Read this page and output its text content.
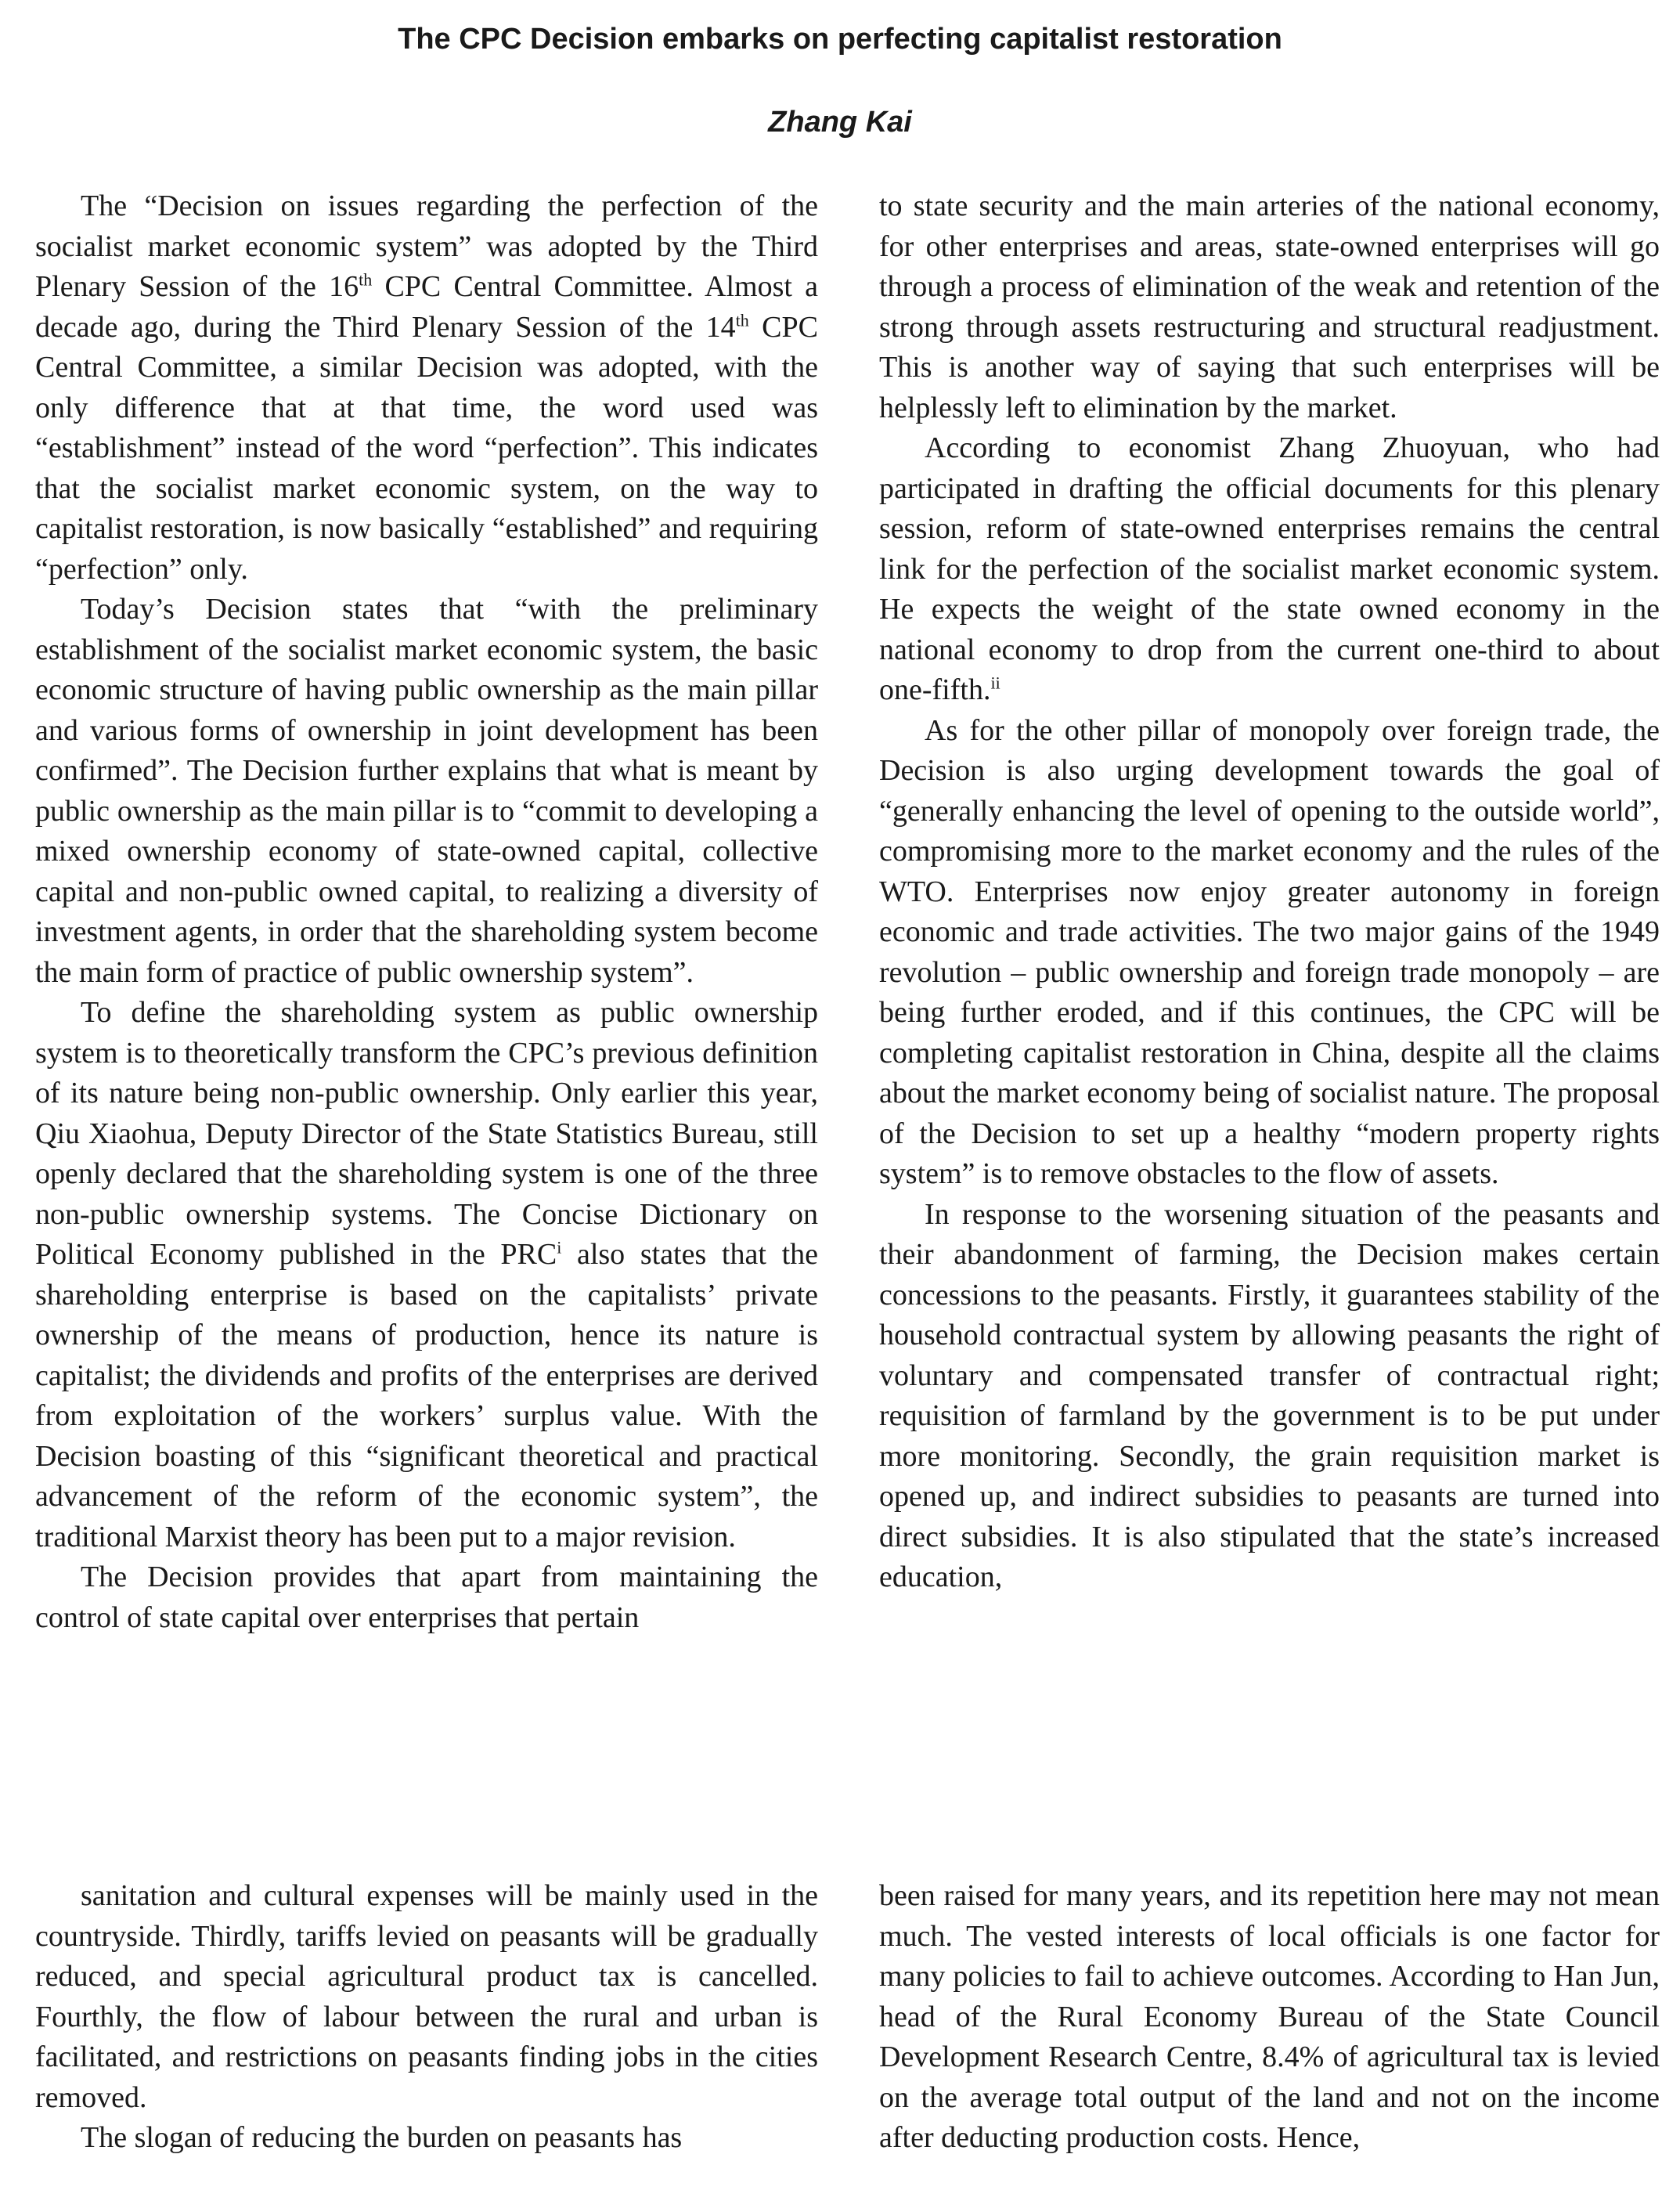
The CPC Decision embarks on perfecting capitalist restoration
Zhang Kai

The “Decision on issues regarding the perfection of the socialist market economic system” was adopted by the Third Plenary Session of the 16th CPC Central Committee. Almost a decade ago, during the Third Plenary Session of the 14th CPC Central Committee, a similar Decision was adopted, with the only difference that at that time, the word used was “establishment” instead of the word “perfection”. This indicates that the socialist market economic system, on the way to capitalist restoration, is now basically “established” and requiring “perfection” only.

Today’s Decision states that “with the preliminary establishment of the socialist market economic system, the basic economic structure of having public ownership as the main pillar and various forms of ownership in joint development has been confirmed”. The Decision further explains that what is meant by public ownership as the main pillar is to “commit to developing a mixed ownership economy of state-owned capital, collective capital and non-public owned capital, to realizing a diversity of investment agents, in order that the shareholding system become the main form of practice of public ownership system”.

To define the shareholding system as public ownership system is to theoretically transform the CPC’s previous definition of its nature being non-public ownership. Only earlier this year, Qiu Xiaohua, Deputy Director of the State Statistics Bureau, still openly declared that the shareholding system is one of the three non-public ownership systems. The Concise Dictionary on Political Economy published in the PRC$^i$ also states that the shareholding enterprise is based on the capitalists’ private ownership of the means of production, hence its nature is capitalist; the dividends and profits of the enterprises are derived from exploitation of the workers’ surplus value. With the Decision boasting of this “significant theoretical and practical advancement of the reform of the economic system”, the traditional Marxist theory has been put to a major revision.

The Decision provides that apart from maintaining the control of state capital over enterprises that pertain

to state security and the main arteries of the national economy, for other enterprises and areas, state-owned enterprises will go through a process of elimination of the weak and retention of the strong through assets restructuring and structural readjustment. This is another way of saying that such enterprises will be helplessly left to elimination by the market.

According to economist Zhang Zhuoyuan, who had participated in drafting the official documents for this plenary session, reform of state-owned enterprises remains the central link for the perfection of the socialist market economic system. He expects the weight of the state owned economy in the national economy to drop from the current one-third to about one-fifth.$^{ii}$

As for the other pillar of monopoly over foreign trade, the Decision is also urging development towards the goal of “generally enhancing the level of opening to the outside world”, compromising more to the market economy and the rules of the WTO. Enterprises now enjoy greater autonomy in foreign economic and trade activities. The two major gains of the 1949 revolution – public ownership and foreign trade monopoly – are being further eroded, and if this continues, the CPC will be completing capitalist restoration in China, despite all the claims about the market economy being of socialist nature. The proposal of the Decision to set up a healthy “modern property rights system” is to remove obstacles to the flow of assets.

In response to the worsening situation of the peasants and their abandonment of farming, the Decision makes certain concessions to the peasants. Firstly, it guarantees stability of the household contractual system by allowing peasants the right of voluntary and compensated transfer of contractual right; requisition of farmland by the government is to be put under more monitoring. Secondly, the grain requisition market is opened up, and indirect subsidies to peasants are turned into direct subsidies. It is also stipulated that the state’s increased education,

sanitation and cultural expenses will be mainly used in the countryside. Thirdly, tariffs levied on peasants will be gradually reduced, and special agricultural product tax is cancelled. Fourthly, the flow of labour between the rural and urban is facilitated, and restrictions on peasants finding jobs in the cities removed.

The slogan of reducing the burden on peasants has

been raised for many years, and its repetition here may not mean much. The vested interests of local officials is one factor for many policies to fail to achieve outcomes. According to Han Jun, head of the Rural Economy Bureau of the State Council Development Research Centre, 8.4% of agricultural tax is levied on the average total output of the land and not on the income after deducting production costs. Hence,
